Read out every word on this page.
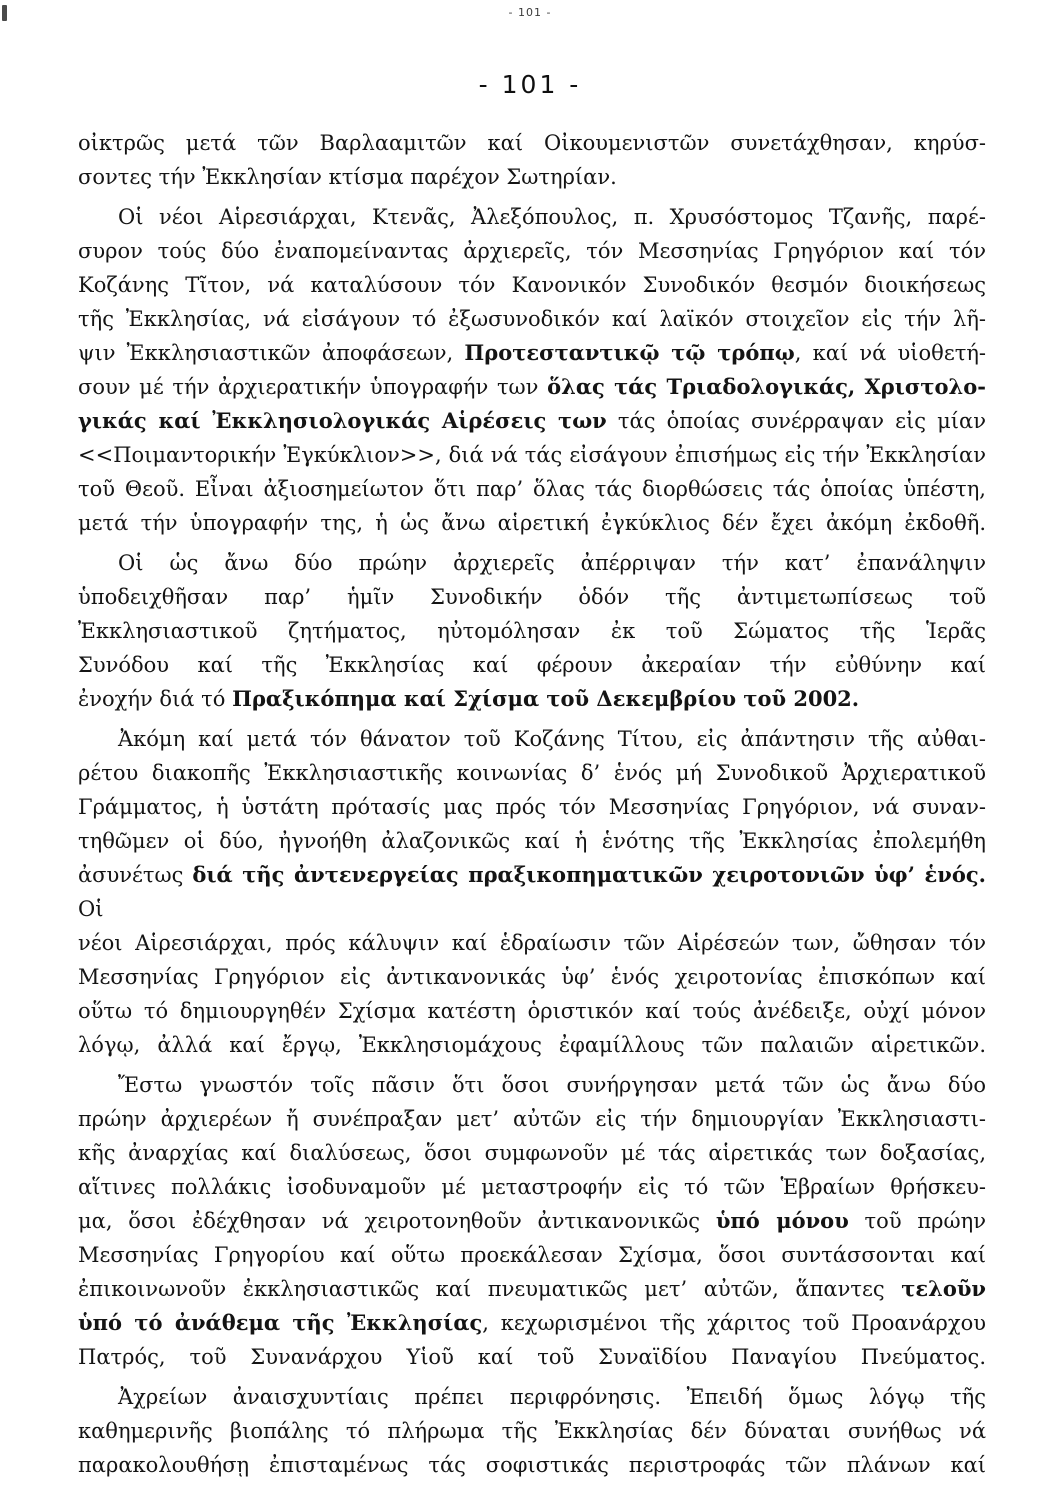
- 101 -
- 101 -
οἰκτρῶς μετά τῶν Βαρλααμιτῶν καί Οἰκουμενιστῶν συνετάχθησαν, κηρύσ-
σοντες τήν Ἐκκλησίαν κτίσμα παρέχον Σωτηρίαν.
Οἱ νέοι Αἱρεσιάρχαι, Κτενᾶς, Ἀλεξόπουλος, π. Χρυσόστομος Τζανῆς, παρέ-
συρον τούς δύο ἐναπομείναντας ἀρχιερεῖς, τόν Μεσσηνίας Γρηγόριον καί τόν
Κοζάνης Τῖτον, νά καταλύσουν τόν Κανονικόν Συνοδικόν θεσμόν διοικήσεως
τῆς Ἐκκλησίας, νά εἰσάγουν τό ἐξωσυνοδικόν καί λαϊκόν στοιχεῖον εἰς τήν λῆ-
ψιν Ἐκκλησιαστικῶν ἀποφάσεων, Προτεσταντικῷ τῷ τρόπῳ, καί νά υἱοθετή-
σουν μέ τήν ἀρχιερατικήν ὑπογραφήν των ὅλας τάς Τριαδολογικάς, Χριστολο-
γικάς καί Ἐκκλησιολογικάς Αἱρέσεις των τάς ὁποίας συνέρραψαν εἰς μίαν
<<Ποιμαντορικήν Ἐγκύκλιον>>, διά νά τάς εἰσάγουν ἐπισήμως εἰς τήν Ἐκκλησίαν
τοῦ Θεοῦ. Εἶναι ἀξιοσημείωτον ὅτι παρ’ ὅλας τάς διορθώσεις τάς ὁποίας ὑπέστη,
μετά τήν ὑπογραφήν της, ἡ ὡς ἄνω αἱρετική ἐγκύκλιος δέν ἔχει ἀκόμη ἐκδοθῆ.
Οἱ ὡς ἄνω δύο πρώην ἀρχιερεῖς ἀπέρριψαν τήν κατ’ ἐπανάληψιν
ὑποδειχθῆσαν παρ’ ἡμῖν Συνοδικήν ὁδόν τῆς ἀντιμετωπίσεως τοῦ
Ἐκκλησιαστικοῦ ζητήματος, ηὐτομόλησαν ἐκ τοῦ Σώματος τῆς Ἱερᾶς
Συνόδου καί τῆς Ἐκκλησίας καί φέρουν ἀκεραίαν τήν εὐθύνην καί
ἐνοχήν διά τό Πραξικόπημα καί Σχίσμα τοῦ Δεκεμβρίου τοῦ 2002.
Ἀκόμη καί μετά τόν θάνατον τοῦ Κοζάνης Τίτου, εἰς ἀπάντησιν τῆς αὐθαι-
ρέτου διακοπῆς Ἐκκλησιαστικῆς κοινωνίας δ’ ἑνός μή Συνοδικοῦ Ἀρχιερατικοῦ
Γράμματος, ἡ ὑστάτη πρότασίς μας πρός τόν Μεσσηνίας Γρηγόριον, νά συναν-
τηθῶμεν οἱ δύο, ἠγνοήθη ἀλαζονικῶς καί ἡ ἑνότης τῆς Ἐκκλησίας ἐπολεμήθη
ἀσυνέτως διά τῆς ἀντενεργείας πραξικοπηματικῶν χειροτονιῶν ὑφ’ ἑνός. Οἱ
νέοι Αἱρεσιάρχαι, πρός κάλυψιν καί ἑδραίωσιν τῶν Αἱρέσεών των, ὤθησαν τόν
Μεσσηνίας Γρηγόριον εἰς ἀντικανονικάς ὑφ’ ἑνός χειροτονίας ἐπισκόπων καί
οὕτω τό δημιουργηθέν Σχίσμα κατέστη ὁριστικόν καί τούς ἀνέδειξε, οὐχί μόνον
λόγῳ, ἀλλά καί ἔργῳ, Ἐκκλησιομάχους ἐφαμίλλους τῶν παλαιῶν αἱρετικῶν.
Ἔστω γνωστόν τοῖς πᾶσιν ὅτι ὅσοι συνήργησαν μετά τῶν ὡς ἄνω δύο
πρώην ἀρχιερέων ἤ συνέπραξαν μετ’ αὐτῶν εἰς τήν δημιουργίαν Ἐκκλησιαστι-
κῆς ἀναρχίας καί διαλύσεως, ὅσοι συμφωνοῦν μέ τάς αἱρετικάς των δοξασίας,
αἵτινες πολλάκις ἰσοδυναμοῦν μέ μεταστροφήν εἰς τό τῶν Ἑβραίων θρήσκευ-
μα, ὅσοι ἐδέχθησαν νά χειροτονηθοῦν ἀντικανονικῶς ὑπό μόνου τοῦ πρώην
Μεσσηνίας Γρηγορίου καί οὕτω προεκάλεσαν Σχίσμα, ὅσοι συντάσσονται καί
ἐπικοινωνοῦν ἐκκλησιαστικῶς καί πνευματικῶς μετ’ αὐτῶν, ἅπαντες τελοῦν
ὑπό τό ἀνάθεμα τῆς Ἐκκλησίας, κεχωρισμένοι τῆς χάριτος τοῦ Προανάρχου
Πατρός, τοῦ Συνανάρχου Υἱοῦ καί τοῦ Συναϊδίου Παναγίου Πνεύματος.
Ἀχρείων ἀναισχυντίαις πρέπει περιφρόνησις. Ἐπειδή ὅμως λόγῳ τῆς
καθημερινῆς βιοπάλης τό πλήρωμα τῆς Ἐκκλησίας δέν δύναται συνήθως νά
παρακολουθήσῃ ἐπισταμένως τάς σοφιστικάς περιστροφάς τῶν πλάνων καί
